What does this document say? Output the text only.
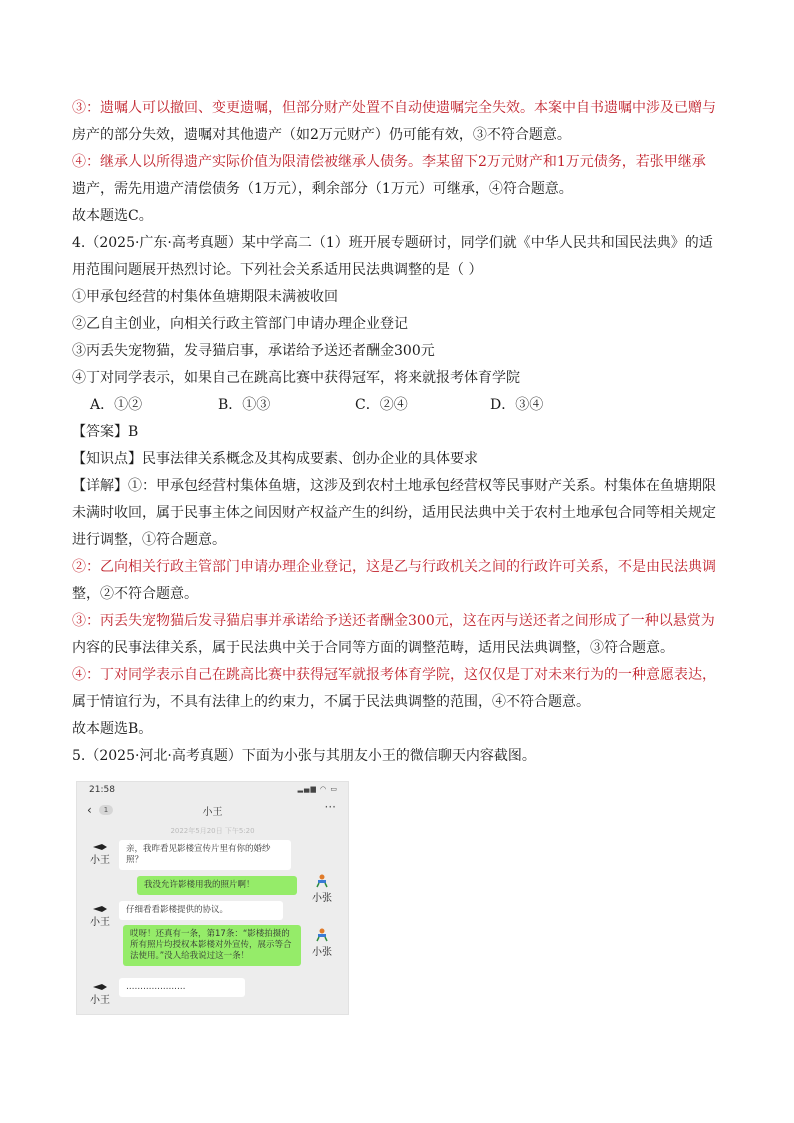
③：遗嘱人可以撤回、变更遗嘱，但部分财产处置不自动使遗嘱完全失效。本案中自书遗嘱中涉及已赠与
房产的部分失效，遗嘱对其他遗产（如2万元财产）仍可能有效，③不符合题意。
④：继承人以所得遗产实际价值为限清偿被继承人债务。李某留下2万元财产和1万元债务，若张甲继承
遗产，需先用遗产清偿债务（1万元），剩余部分（1万元）可继承，④符合题意。
故本题选C。
4.（2025·广东·高考真题）某中学高二（1）班开展专题研讨，同学们就《中华人民共和国民法典》的适
用范围问题展开热烈讨论。下列社会关系适用民法典调整的是（ ）
①甲承包经营的村集体鱼塘期限未满被收回
②乙自主创业，向相关行政主管部门申请办理企业登记
③丙丢失宠物猫，发寻猫启事，承诺给予送还者酬金300元
④丁对同学表示，如果自己在跳高比赛中获得冠军，将来就报考体育学院
A．①②	B．①③	C．②④	D．③④
【答案】B
【知识点】民事法律关系概念及其构成要素、创办企业的具体要求
【详解】①：甲承包经营村集体鱼塘，这涉及到农村土地承包经营权等民事财产关系。村集体在鱼塘期限
未满时收回，属于民事主体之间因财产权益产生的纠纷，适用民法典中关于农村土地承包合同等相关规定
进行调整，①符合题意。
②：乙向相关行政主管部门申请办理企业登记，这是乙与行政机关之间的行政许可关系，不是由民法典调
整，②不符合题意。
③：丙丢失宠物猫后发寻猫启事并承诺给予送还者酬金300元，这在丙与送还者之间形成了一种以悬赏为
内容的民事法律关系，属于民法典中关于合同等方面的调整范畴，适用民法典调整，③符合题意。
④：丁对同学表示自己在跳高比赛中获得冠军就报考体育学院，这仅仅是丁对未来行为的一种意愿表达，
属于情谊行为，不具有法律上的约束力，不属于民法典调整的范围，④不符合题意。
故本题选B。
5.（2025·河北·高考真题）下面为小张与其朋友小王的微信聊天内容截图。
21:58	▂▄▆ ◠ ▭
‹	1	小王	···
2022年5月20日 下午5:20
小王
亲，我昨看见影楼宣传片里有你的婚纱照？
我没允许影楼用我的照片啊！
小张
小王
仔细看看影楼提供的协议。
哎呀！还真有一条，第17条：“影楼拍摄的所有照片均授权本影楼对外宣传，展示等合法使用。”没人给我说过这一条！	小张
小王
…………………
